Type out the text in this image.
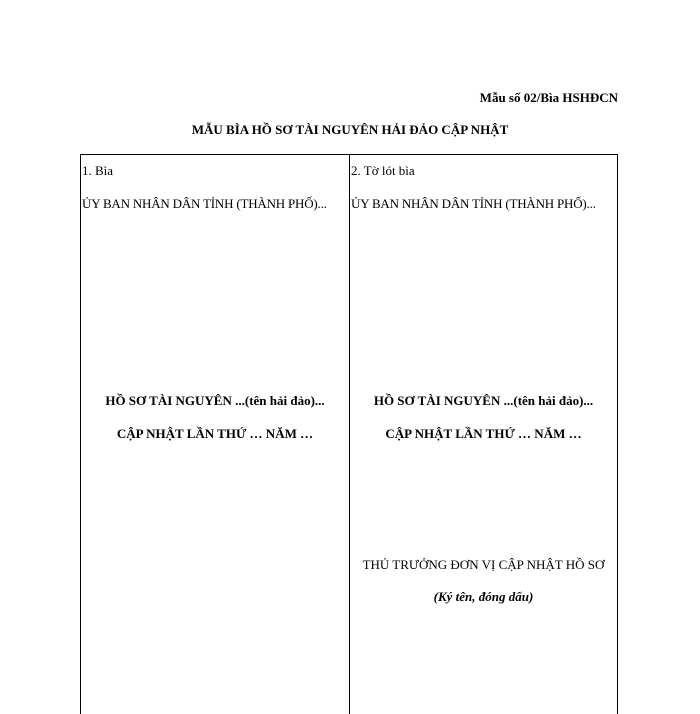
Mẫu số 02/Bìa HSHĐCN
MẪU BÌA HỒ SƠ TÀI NGUYÊN HẢI ĐẢO CẬP NHẬT
1. Bìa
ỦY BAN NHÂN DÂN TỈNH (THÀNH PHỐ)...
HỒ SƠ TÀI NGUYÊN ...(tên hải đảo)...
CẬP NHẬT LẦN THỨ … NĂM …
2. Tờ lót bìa
ỦY BAN NHÂN DÂN TỈNH (THÀNH PHỐ)...
HỒ SƠ TÀI NGUYÊN ...(tên hải đảo)...
CẬP NHẬT LẦN THỨ … NĂM …
THỦ TRƯỞNG ĐƠN VỊ CẬP NHẬT HỒ SƠ
(Ký tên, đóng dấu)
